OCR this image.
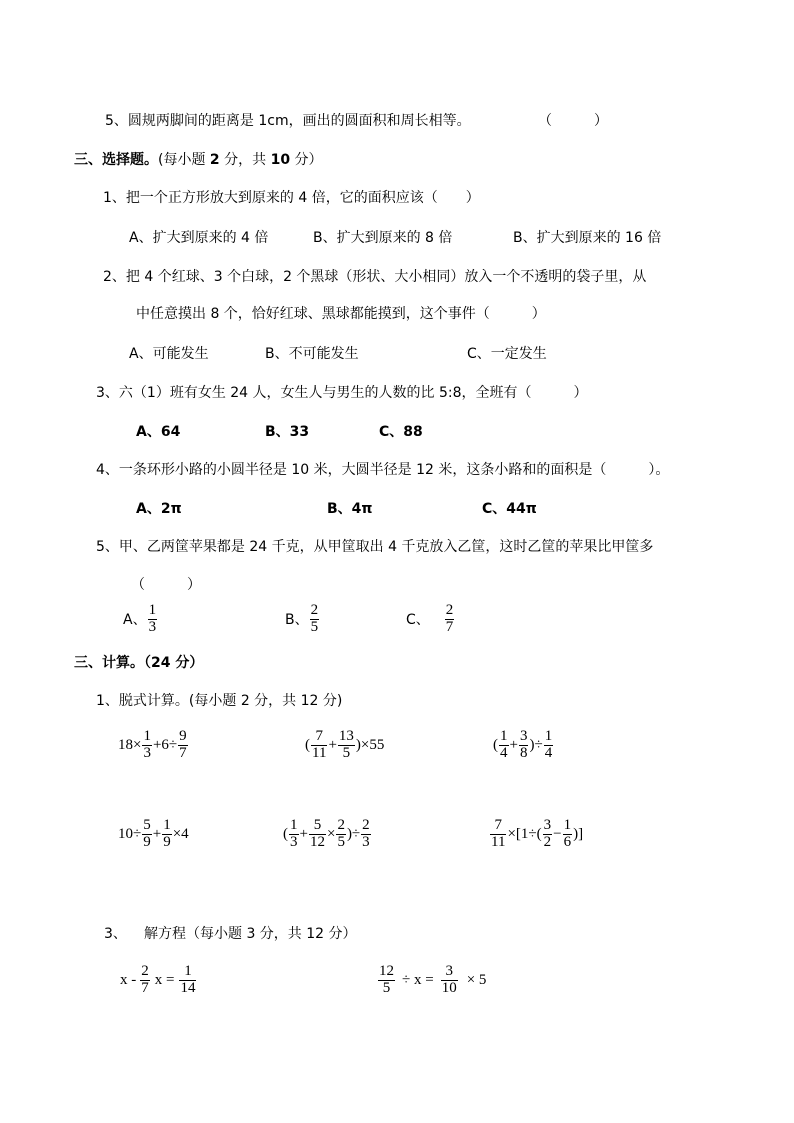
5、圆规两脚间的距离是 1cm，画出的圆面积和周长相等。	（　　　）
三、选择题。(每小题 2 分，共 10 分）
1、把一个正方形放大到原来的 4 倍，它的面积应该（　　）
A、扩大到原来的 4 倍	B、扩大到原来的 8 倍	B、扩大到原来的 16 倍
2、把 4 个红球、3 个白球，2 个黑球（形状、大小相同）放入一个不透明的袋子里，从
中任意摸出 8 个，恰好红球、黑球都能摸到，这个事件（　　　）
A、可能发生	B、不可能发生	C、一定发生
3、六（1）班有女生 24 人，女生人与男生的人数的比 5:8，全班有（　　　）
A、64	B、33	C、88
4、一条环形小路的小圆半径是 10 米，大圆半径是 12 米，这条小路和的面积是（　　　）。
A、2π	B、4π	C、44π
5、甲、乙两筐苹果都是 24 千克，从甲筐取出 4 千克放入乙筐，这时乙筐的苹果比甲筐多
（　　　）
A、 $\frac{1}{3}$	B、 $\frac{2}{5}$	C、 $\frac{2}{7}$
三、计算。（24 分）
1、脱式计算。(每小题 2 分，共 12 分)
$18\times \frac{1}{3} +6\div \frac{9}{7}$	( $\frac{7}{11} + \frac{13}{5} )\times 55$	( $\frac{1}{4} + \frac{3}{8}$ )÷ $\frac{1}{4}$
$10\div \frac{5}{9} + \frac{1}{9} \times 4$	( $\frac{1}{3} + \frac{5}{12} \times \frac{2}{5}$ )÷ $\frac{2}{3}$	$\frac{7}{11} \times[1\div( \frac{3}{2} - \frac{1}{6}$ )]
3、 解方程（每小题 3 分，共 12 分）
x - $\frac{2}{7}$ $x = \frac{1}{14}$	$\frac{12}{5} \div x = \frac{3}{10} \times 5$
